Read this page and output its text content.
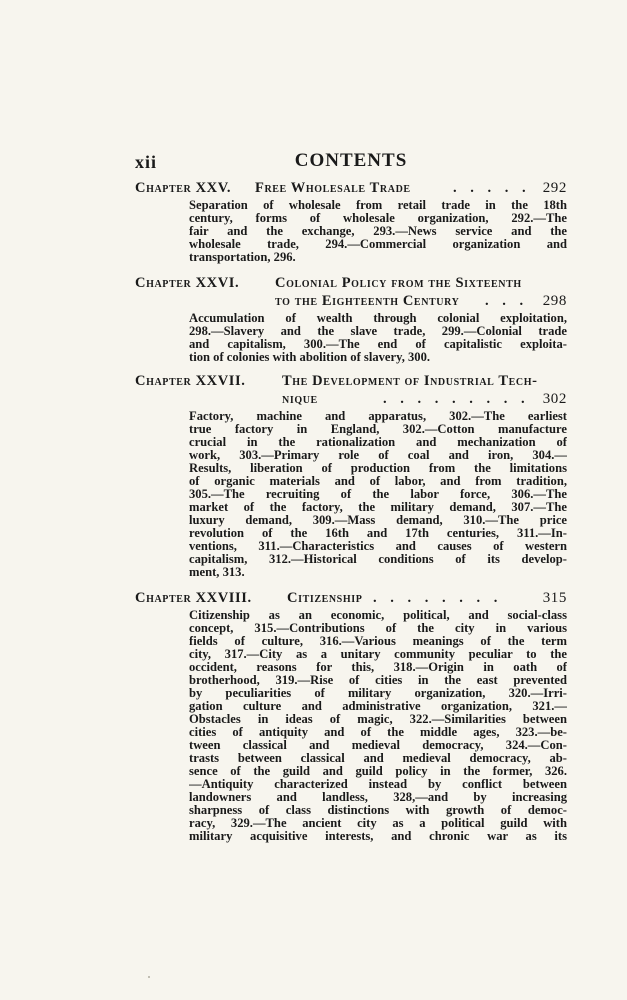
xii	CONTENTS
Chapter XXV. Free Wholesale Trade	. . . . . 292
Separation of wholesale from retail trade in the 18th
century, forms of wholesale organization, 292.—The
fair and the exchange, 293.—News service and the
wholesale trade, 294.—Commercial organization and
transportation, 296.
Chapter XXVI. Colonial Policy from the Sixteenth
to the Eighteenth Century . . . 298
Accumulation of wealth through colonial exploitation,
298.—Slavery and the slave trade, 299.—Colonial trade
and capitalism, 300.—The end of capitalistic exploita-
tion of colonies with abolition of slavery, 300.
Chapter XXVII.	The Development of Industrial Tech-
nique	. . . . . . . . . 302
Factory, machine and apparatus, 302.—The earliest
true factory in England, 302.—Cotton manufacture
crucial in the rationalization and mechanization of
work, 303.—Primary role of coal and iron, 304.—
Results, liberation of production from the limitations
of organic materials and of labor, and from tradition,
305.—The recruiting of the labor force, 306.—The
market of the factory, the military demand, 307.—The
luxury demand, 309.—Mass demand, 310.—The price
revolution of the 16th and 17th centuries, 311.—In-
ventions, 311.—Characteristics and causes of western
capitalism, 312.—Historical conditions of its develop-
ment, 313.
Chapter XXVIII. Citizenship . . . . . . . .	315
Citizenship as an economic, political, and social-class
concept, 315.—Contributions of the city in various
fields of culture, 316.—Various meanings of the term
city, 317.—City as a unitary community peculiar to the
occident, reasons for this, 318.—Origin in oath of
brotherhood, 319.—Rise of cities in the east prevented
by peculiarities of military organization, 320.—Irri-
gation culture and administrative organization, 321.—
Obstacles in ideas of magic, 322.—Similarities between
cities of antiquity and of the middle ages, 323.—be-
tween classical and medieval democracy, 324.—Con-
trasts between classical and medieval democracy, ab-
sence of the guild and guild policy in the former, 326.
—Antiquity characterized instead by conflict between
landowners and landless, 328,—and by increasing
sharpness of class distinctions with growth of democ-
racy, 329.—The ancient city as a political guild with
military acquisitive interests, and chronic war as its
